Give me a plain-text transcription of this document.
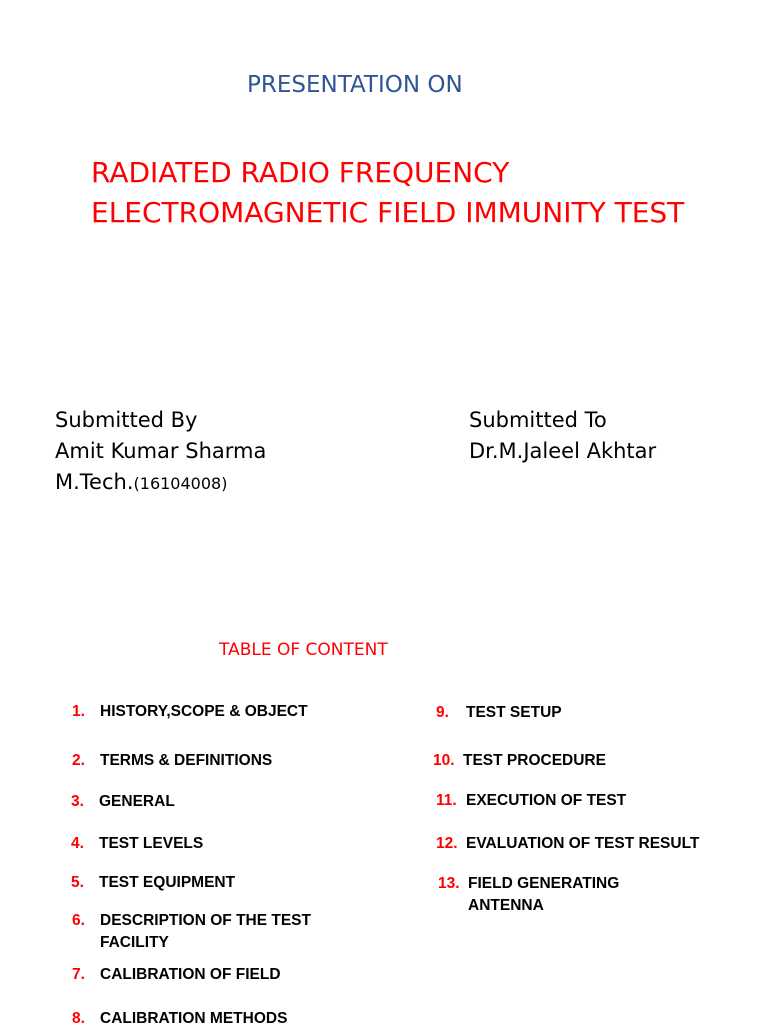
PRESENTATION ON
RADIATED RADIO FREQUENCY
ELECTROMAGNETIC FIELD IMMUNITY TEST
Submitted By
Amit Kumar Sharma
M.Tech.(16104008)
Submitted To
Dr.M.Jaleel Akhtar
TABLE OF CONTENT
1. HISTORY,SCOPE & OBJECT
2. TERMS & DEFINITIONS
3. GENERAL
4. TEST LEVELS
5. TEST EQUIPMENT
6. DESCRIPTION OF THE TEST FACILITY
7. CALIBRATION OF FIELD
8. CALIBRATION METHODS
9. TEST SETUP
10. TEST PROCEDURE
11. EXECUTION OF TEST
12. EVALUATION OF TEST RESULT
13. FIELD GENERATING ANTENNA
